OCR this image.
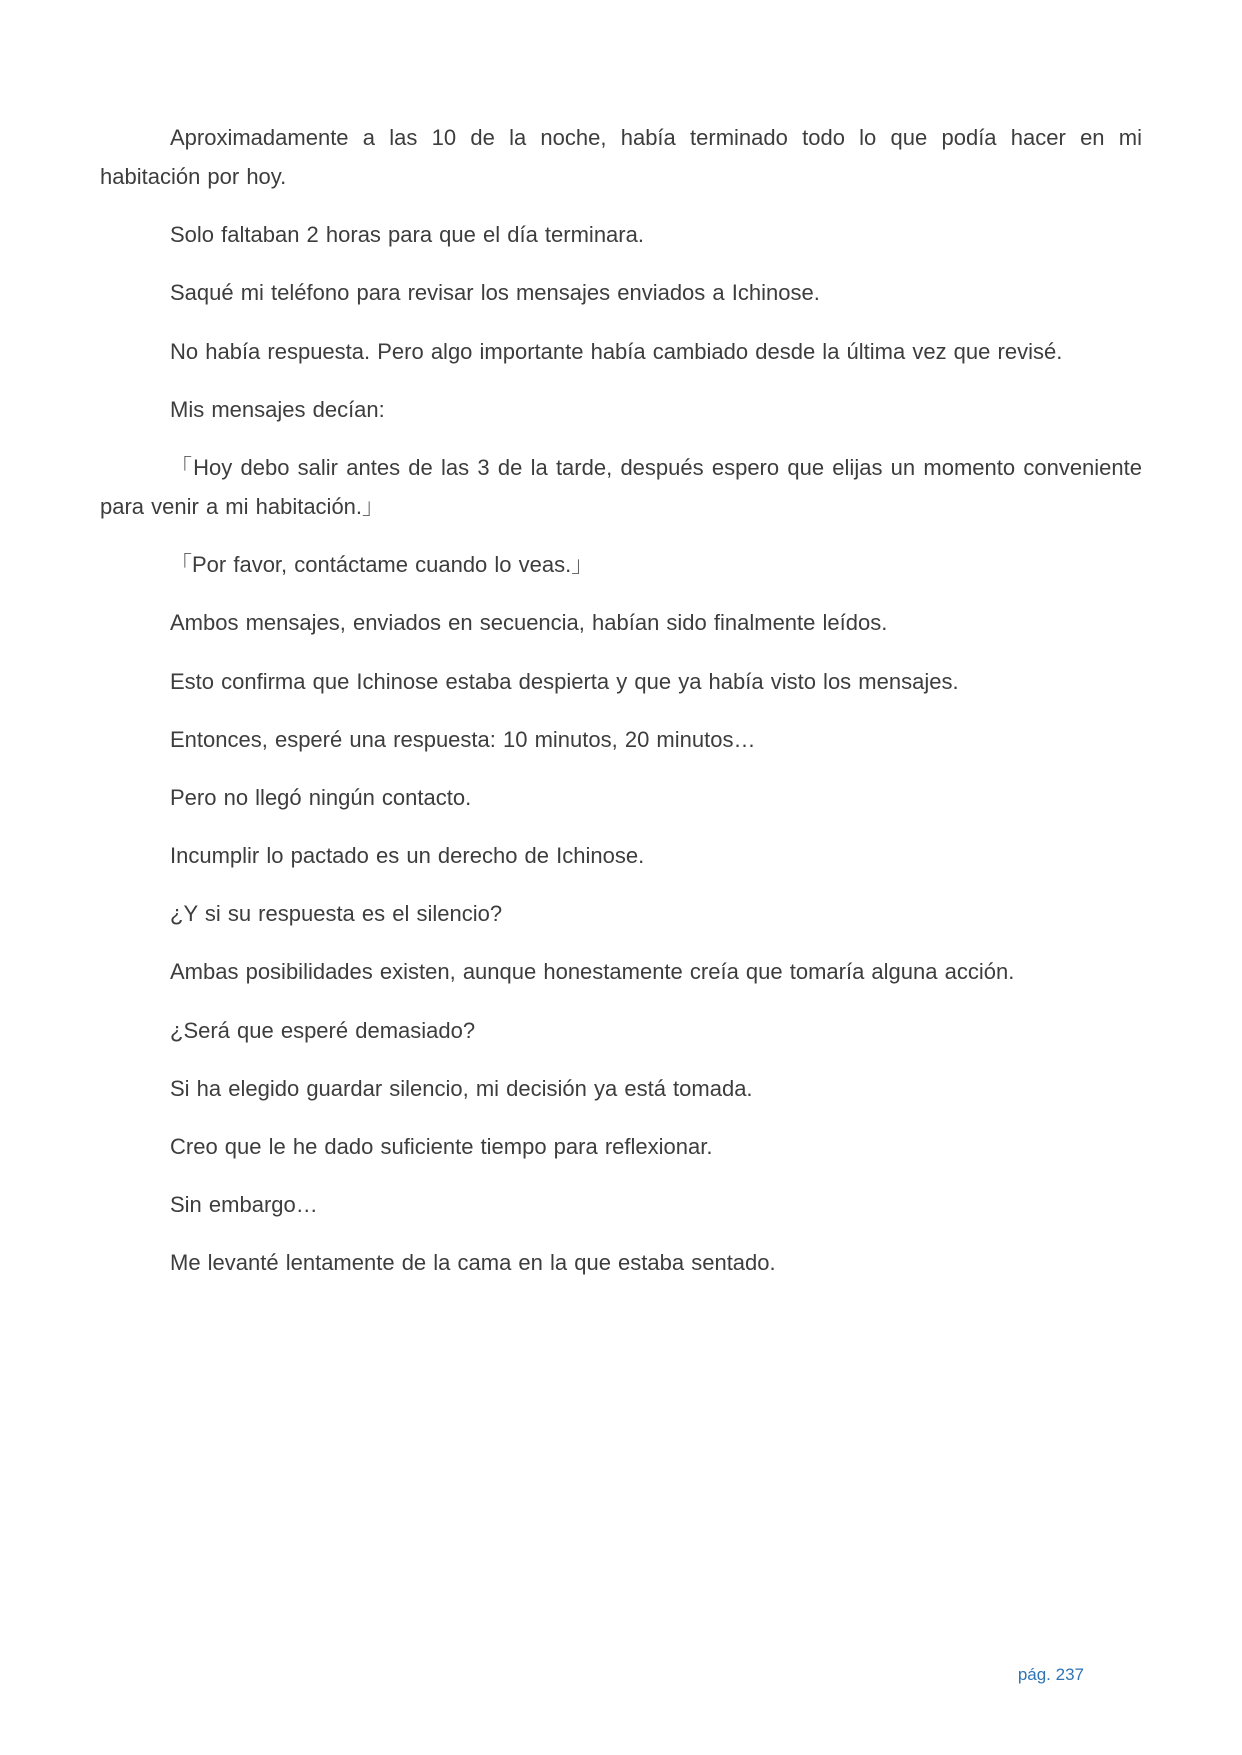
Aproximadamente a las 10 de la noche, había terminado todo lo que podía hacer en mi habitación por hoy.

Solo faltaban 2 horas para que el día terminara.

Saqué mi teléfono para revisar los mensajes enviados a Ichinose.

No había respuesta. Pero algo importante había cambiado desde la última vez que revisé.

Mis mensajes decían:

「Hoy debo salir antes de las 3 de la tarde, después espero que elijas un momento conveniente para venir a mi habitación.」

「Por favor, contáctame cuando lo veas.」

Ambos mensajes, enviados en secuencia, habían sido finalmente leídos.

Esto confirma que Ichinose estaba despierta y que ya había visto los mensajes.

Entonces, esperé una respuesta: 10 minutos, 20 minutos…

Pero no llegó ningún contacto.

Incumplir lo pactado es un derecho de Ichinose.

¿Y si su respuesta es el silencio?

Ambas posibilidades existen, aunque honestamente creía que tomaría alguna acción.

¿Será que esperé demasiado?

Si ha elegido guardar silencio, mi decisión ya está tomada.

Creo que le he dado suficiente tiempo para reflexionar.

Sin embargo…

Me levanté lentamente de la cama en la que estaba sentado.

pág. 237
